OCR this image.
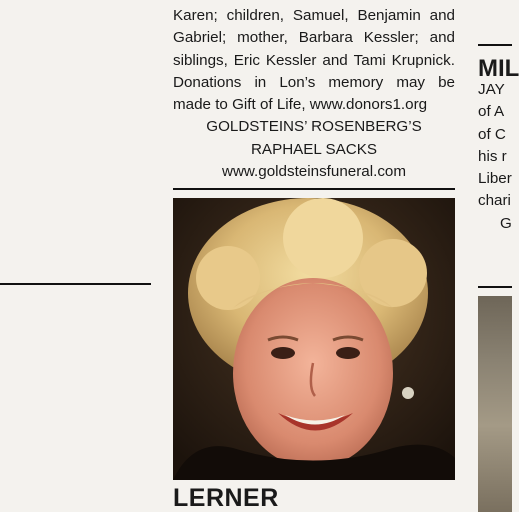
Karen; children, Samuel, Benjamin and
Gabriel; mother, Barbara Kessler; and
siblings, Eric Kessler and Tami Krupnick.
Donations in Lon’s memory may be
made to Gift of Life, www.donors1.org
GOLDSTEINS’ ROSENBERG’S
RAPHAEL SACKS
www.goldsteinsfuneral.com
LERNER
MIL
JAY
of A
of C
his r
Liber
chari
G
